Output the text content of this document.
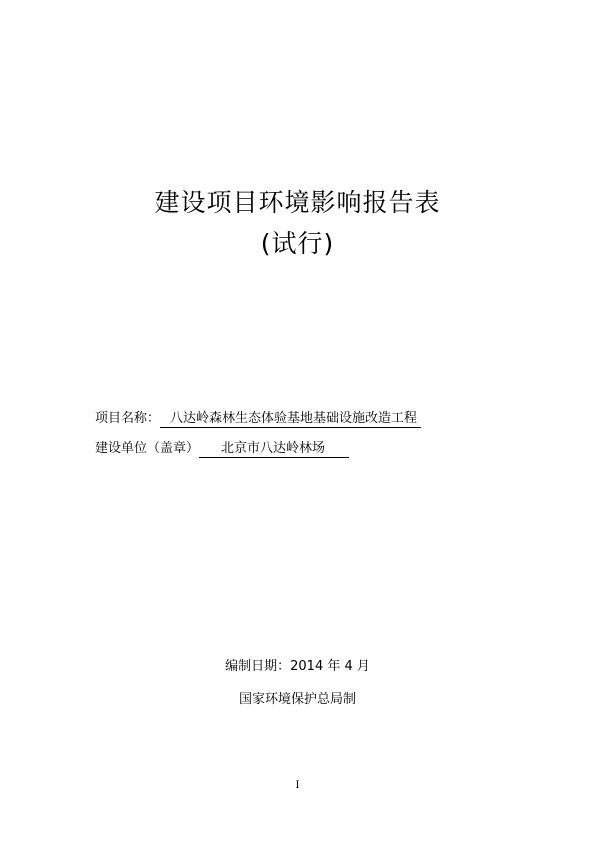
建设项目环境影响报告表
(试行)
项目名称： 八达岭森林生态体验基地基础设施改造工程
建设单位（盖章） 北京市八达岭林场
编制日期：2014 年 4 月
国家环境保护总局制
I
